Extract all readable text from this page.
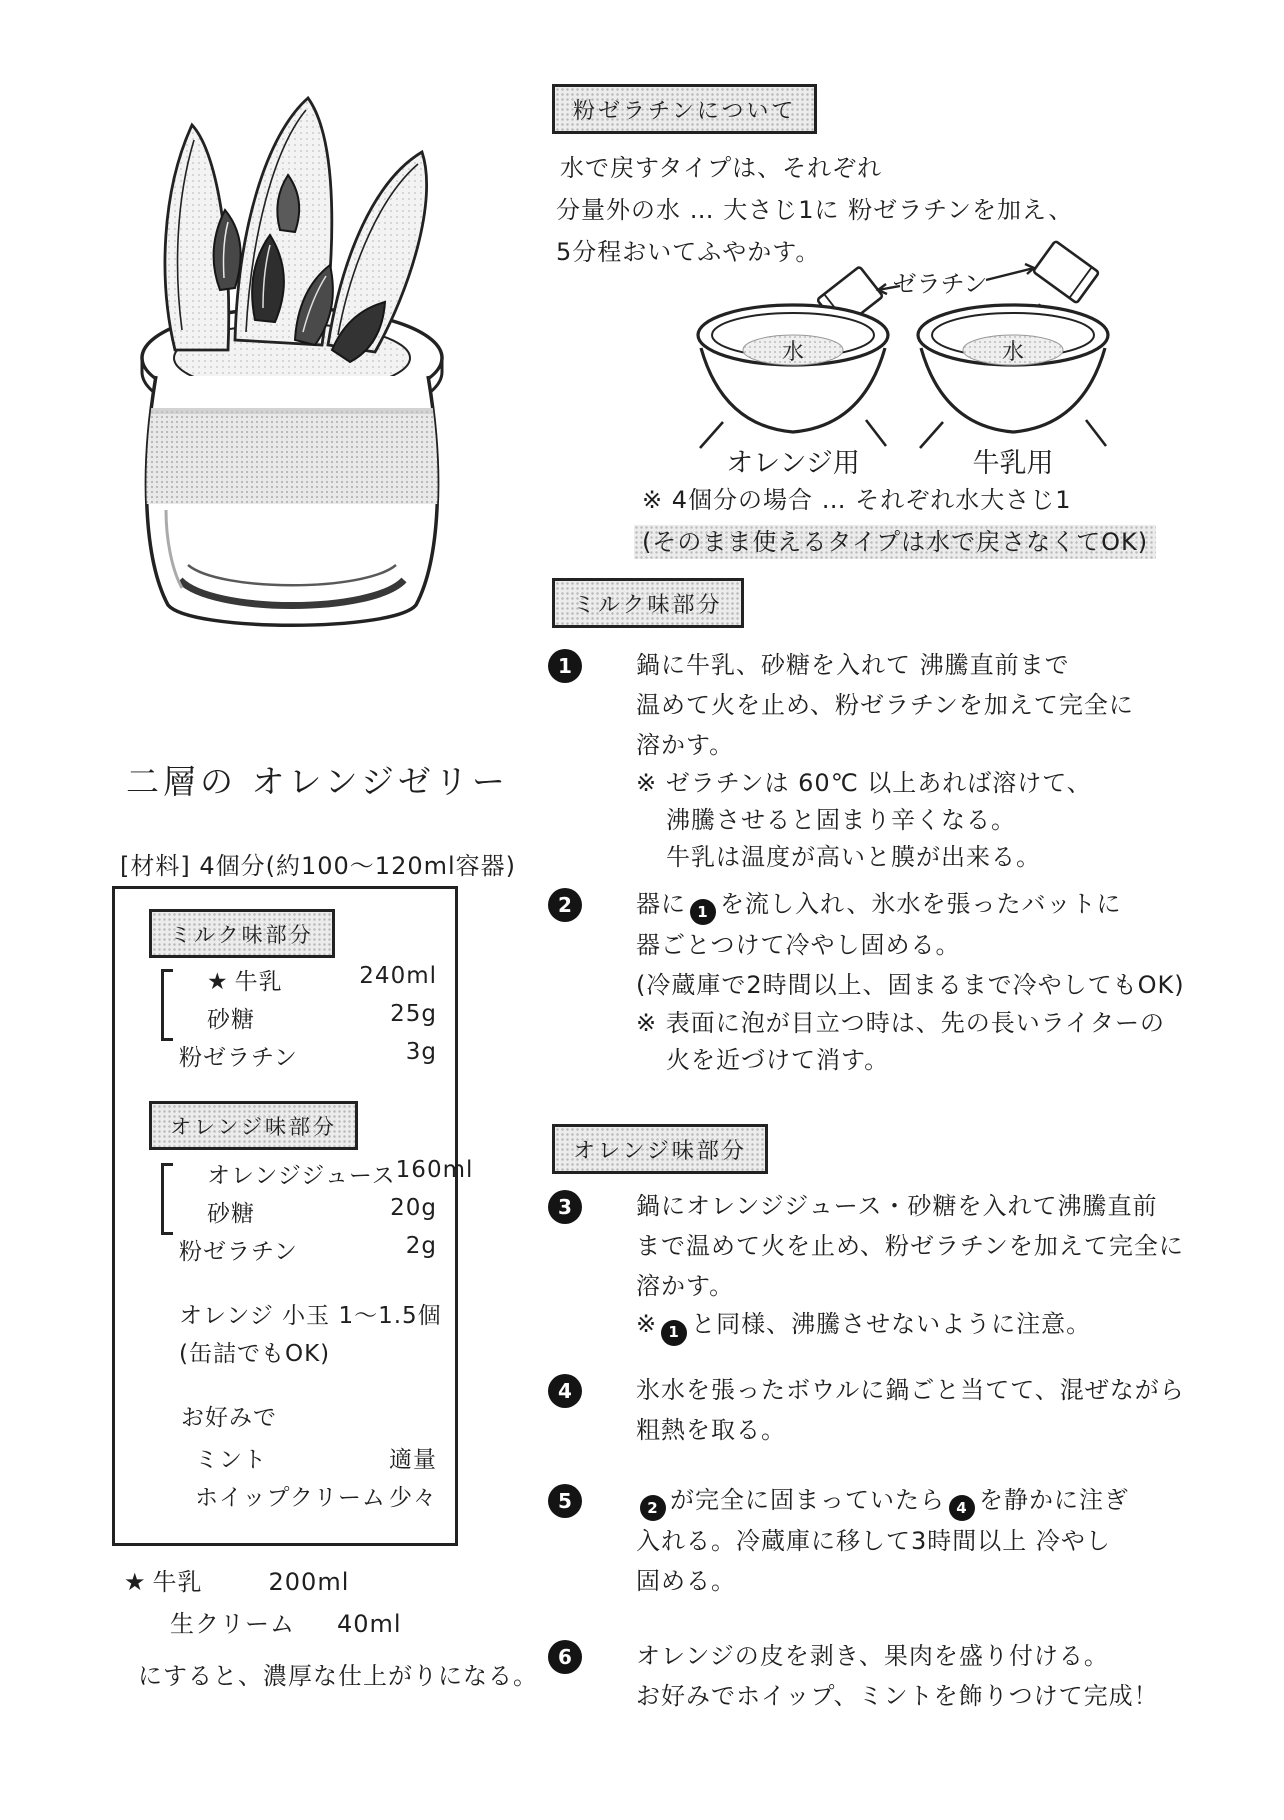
二層の オレンジゼリー
[材料] 4個分(約100〜120ml容器)
ミルク味部分
★ 牛乳	240ml
砂糖	25g
粉ゼラチン	3g
オレンジ味部分
オレンジジュース 160ml
砂糖	20g
粉ゼラチン	2g
オレンジ 小玉 1〜1.5個
(缶詰でもOK)
お好みで
ミント	適量
ホイップクリーム 少々
★ 牛乳	200ml
生クリーム 40ml
にすると、濃厚な仕上がりになる。
粉ゼラチンについて
水で戻すタイプは、それぞれ
分量外の水 … 大さじ1に 粉ゼラチンを加え、
5分程おいてふやかす。
ゼラチン
水
オレンジ用
水
牛乳用
※ 4個分の場合 … それぞれ水大さじ1
(そのまま使えるタイプは水で戻さなくてOK)
ミルク味部分
1	鍋に牛乳、砂糖を入れて 沸騰直前まで
温めて火を止め、粉ゼラチンを加えて完全に
溶かす。
※ ゼラチンは 60℃ 以上あれば溶けて、
沸騰させると固まり辛くなる。
牛乳は温度が高いと膜が出来る。
2	器に 1 を流し入れ、氷水を張ったバットに
器ごとつけて冷やし固める。
(冷蔵庫で2時間以上、固まるまで冷やしてもOK)
※ 表面に泡が目立つ時は、先の長いライターの
火を近づけて消す。
オレンジ味部分
3	鍋にオレンジジュース・砂糖を入れて沸騰直前
まで温めて火を止め、粉ゼラチンを加えて完全に
溶かす。
※ 1 と同様、沸騰させないように注意。
4	氷水を張ったボウルに鍋ごと当てて、混ぜながら
粗熱を取る。
5	2 が完全に固まっていたら 4 を静かに注ぎ
入れる。冷蔵庫に移して3時間以上 冷やし
固める。
6	オレンジの皮を剥き、果肉を盛り付ける。
お好みでホイップ、ミントを飾りつけて完成！
